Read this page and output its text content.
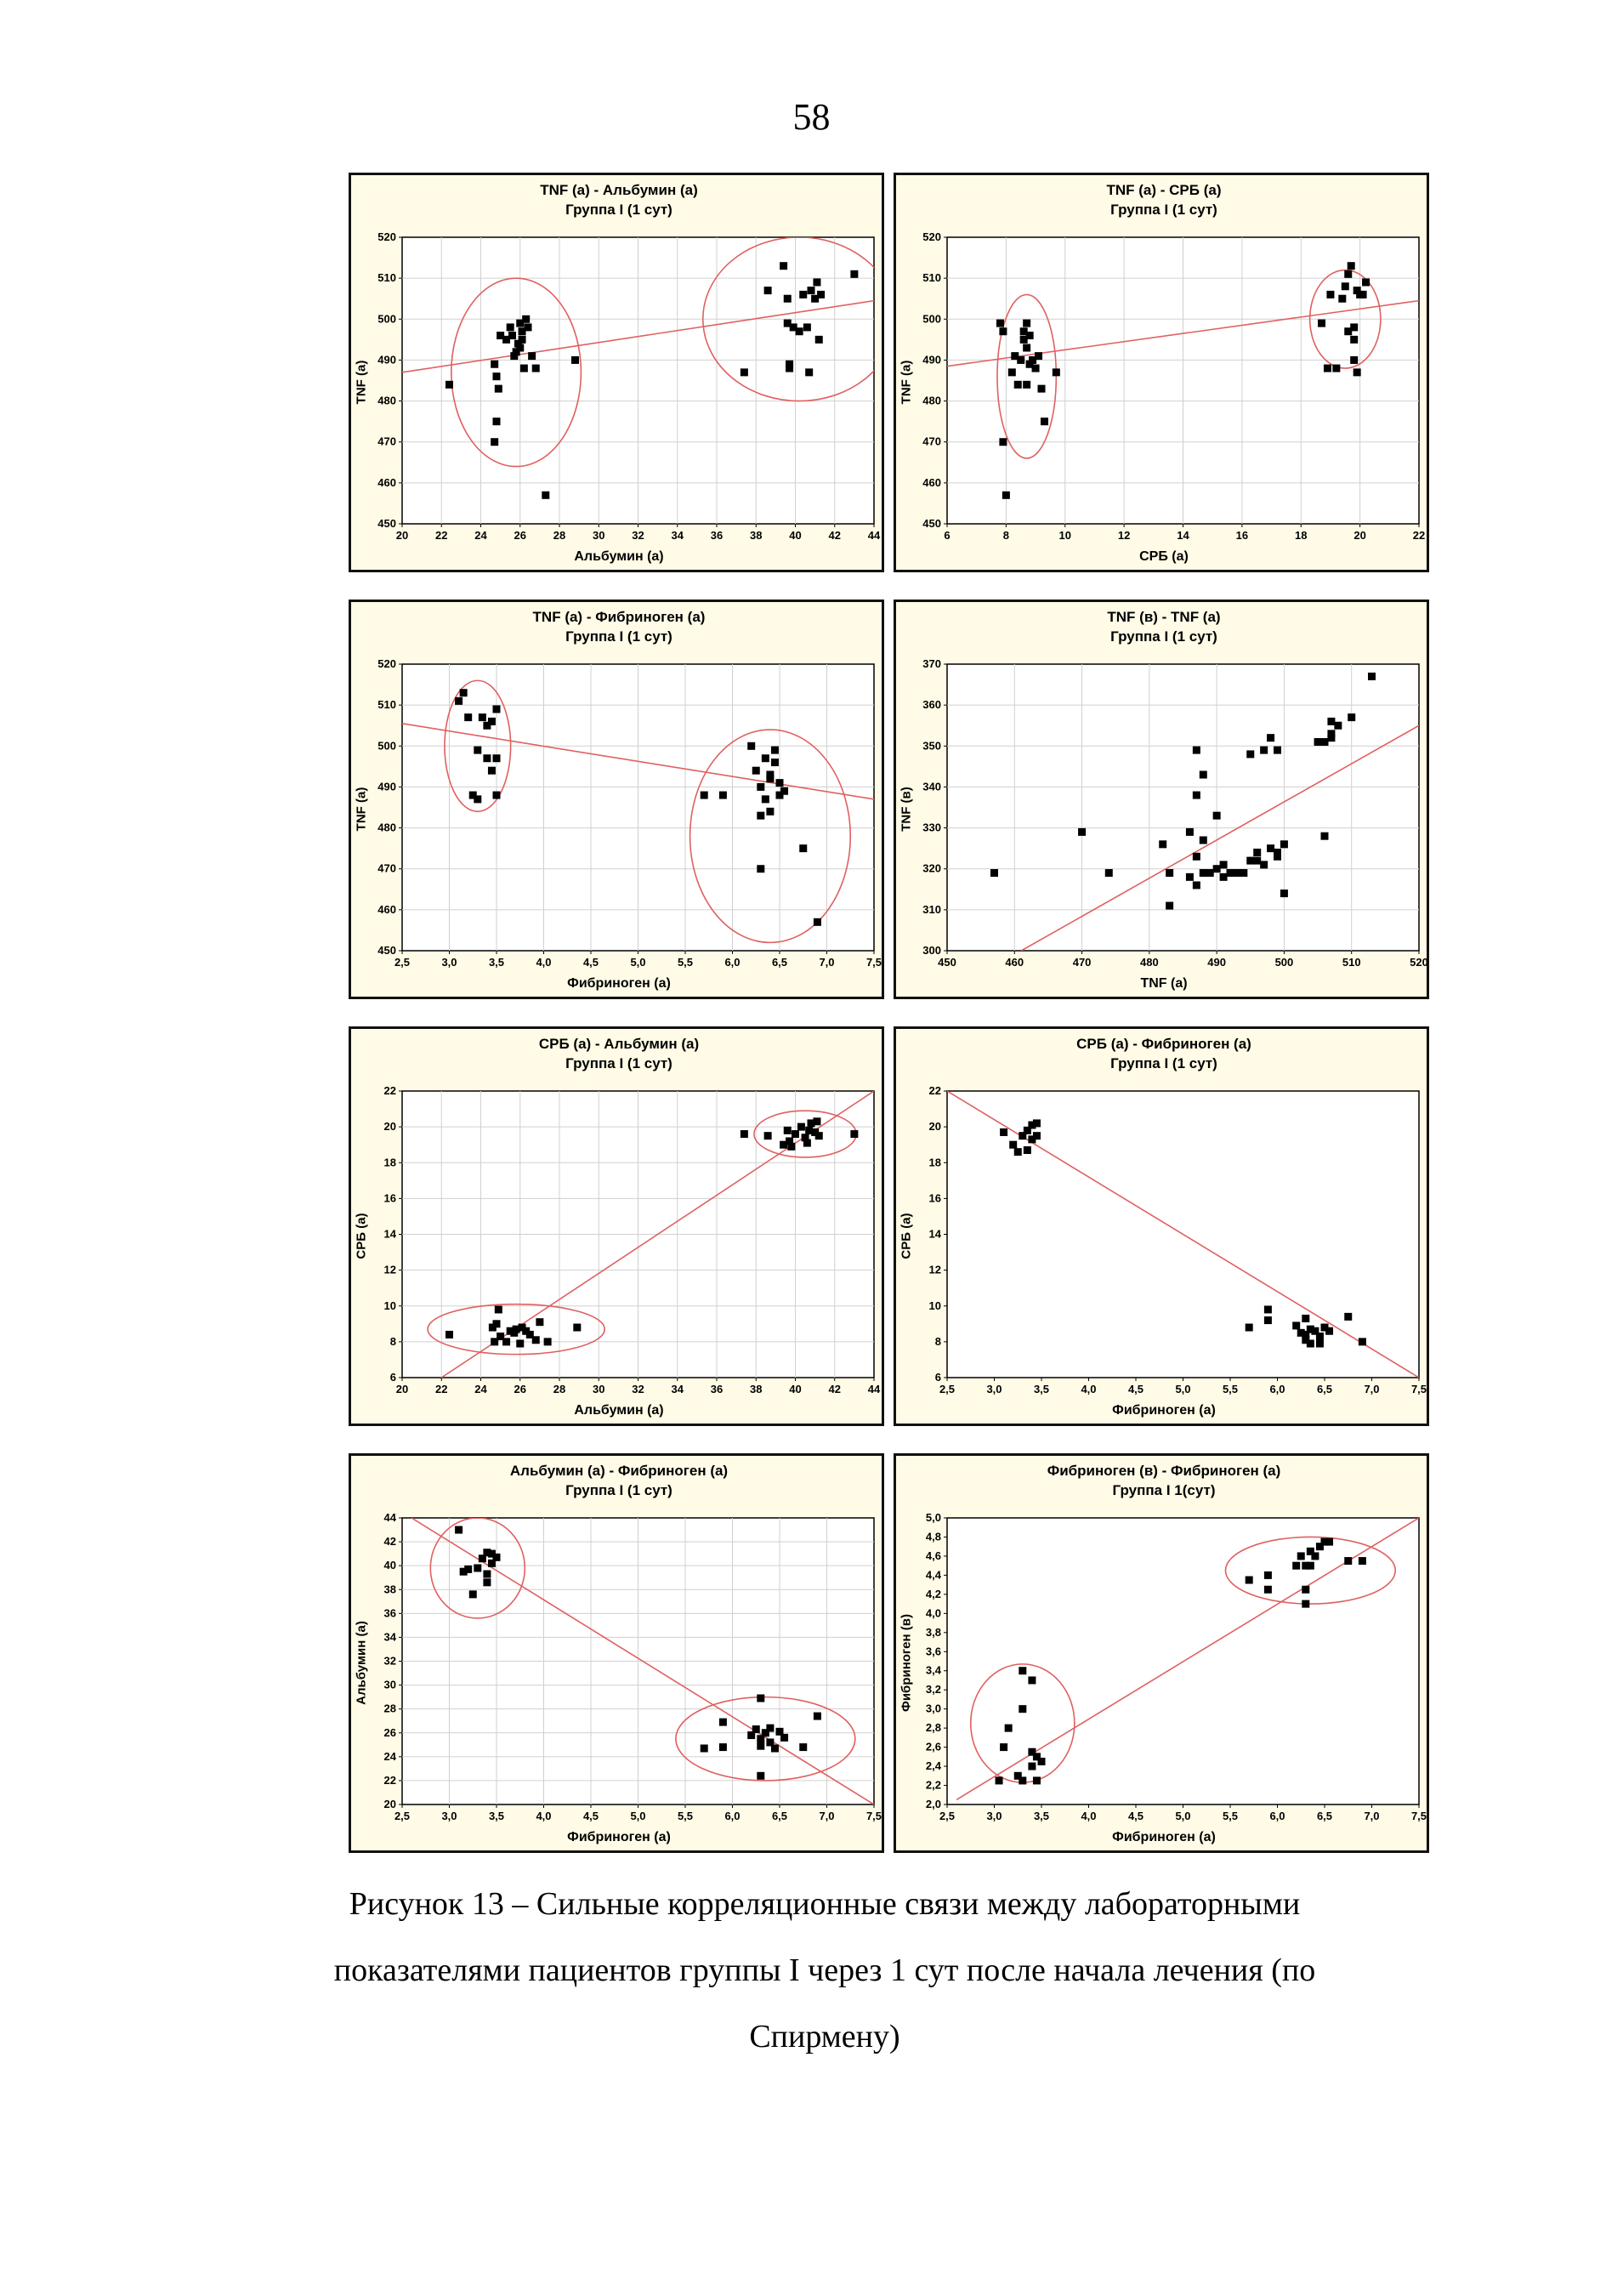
58
20 22 24 26 28 30 32 34 36 38 40 42 44
450
460
470
480
490
500
510
520
TNF (а) - Альбумин (а)
Группа I (1 сут)
Альбумин (а)
TNF (а)
6	8	10	12	14	16	18	20	22
450
460
470
480
490
500
510
520
TNF (а) - СРБ (а)
Группа I (1 сут)
СРБ (а)
TNF (а)
2,5	3,0	3,5	4,0	4,5	5,0	5,5	6,0	6,5	7,0	7,5
450
460
470
480
490
500
510
520
TNF (а) - Фибриноген (а)
Группа I (1 сут)
Фибриноген (а)
TNF (а)
450	460	470	480	490	500	510	520
300
310
320
330
340
350
360
370
TNF (в) - TNF (а)
Группа I (1 сут)
TNF (а)
TNF (в)
20 22 24 26 28 30 32 34 36 38 40 42 44
6
8
10
12
14
16
18
20
22
СРБ (а) - Альбумин (а)
Группа I (1 сут)
Альбумин (а)
СРБ (а)
2,5	3,0	3,5	4,0	4,5	5,0	5,5	6,0	6,5	7,0	7,5
6
8
10
12
14
16
18
20
22
СРБ (а) - Фибриноген (а)
Группа I (1 сут)
Фибриноген (а)
СРБ (а)
2,5	3,0	3,5	4,0	4,5	5,0	5,5	6,0	6,5	7,0	7,5
20
22
24
26
28
30
32
34
36
38
40
42
44
Альбумин (а) - Фибриноген (а)
Группа I (1 сут)
Фибриноген (а)
Альбумин (а)
2,5	3,0	3,5	4,0	4,5	5,0	5,5	6,0	6,5	7,0	7,5
2,0
2,2
2,4
2,6
2,8
3,0
3,2
3,4
3,6
3,8
4,0
4,2
4,4
4,6
4,8
5,0
Фибриноген (в) - Фибриноген (а)
Группа I 1(сут)
Фибриноген (а)
Фибриноген (в)
Рисунок 13 – Сильные корреляционные связи между лабораторными показателями пациентов группы I через 1 сут после начала лечения (по Спирмену)
